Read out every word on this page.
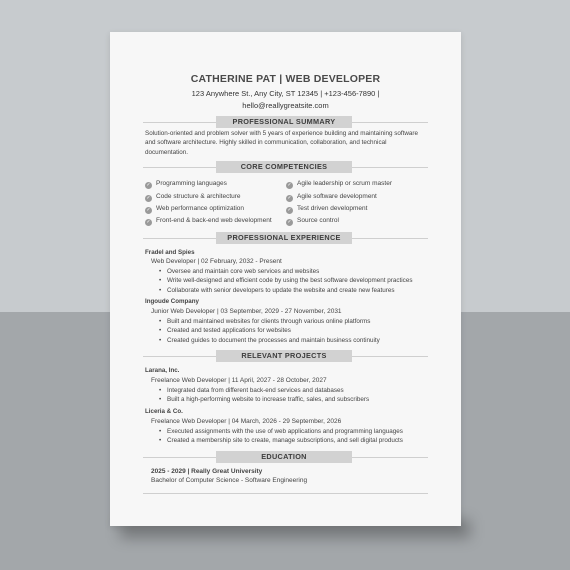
CATHERINE PAT | WEB DEVELOPER
123 Anywhere St., Any City, ST 12345 | +123-456-7890 |
hello@reallygreatsite.com
PROFESSIONAL SUMMARY
Solution-oriented and problem solver with 5 years of experience building and maintaining software and software architecture. Highly skilled in communication, collaboration, and technical documentation.
CORE COMPETENCIES
✓ Programming languages
✓ Code structure & architecture
✓ Web performance optimization
✓ Front-end & back-end web development
✓ Agile leadership or scrum master
✓ Agile software development
✓ Test driven development
✓ Source control
PROFESSIONAL EXPERIENCE
Fradel and Spies
Web Developer | 02 February, 2032 - Present
• Oversee and maintain core web services and websites
• Write well-designed and efficient code by using the best software development practices
• Collaborate with senior developers to update the website and create new features
Ingoude Company
Junior Web Developer | 03 September, 2029 - 27 November, 2031
• Built and maintained websites for clients through various online platforms
• Created and tested applications for websites
• Created guides to document the processes and maintain business continuity
RELEVANT PROJECTS
Larana, Inc.
Freelance Web Developer | 11 April, 2027 - 28 October, 2027
• Integrated data from different back-end services and databases
• Built a high-performing website to increase traffic, sales, and subscribers
Liceria & Co.
Freelance Web Developer | 04 March, 2026 - 29 September, 2026
• Executed assignments with the use of web applications and programming languages
• Created a membership site to create, manage subscriptions, and sell digital products
EDUCATION
2025 - 2029 | Really Great University
Bachelor of Computer Science - Software Engineering
